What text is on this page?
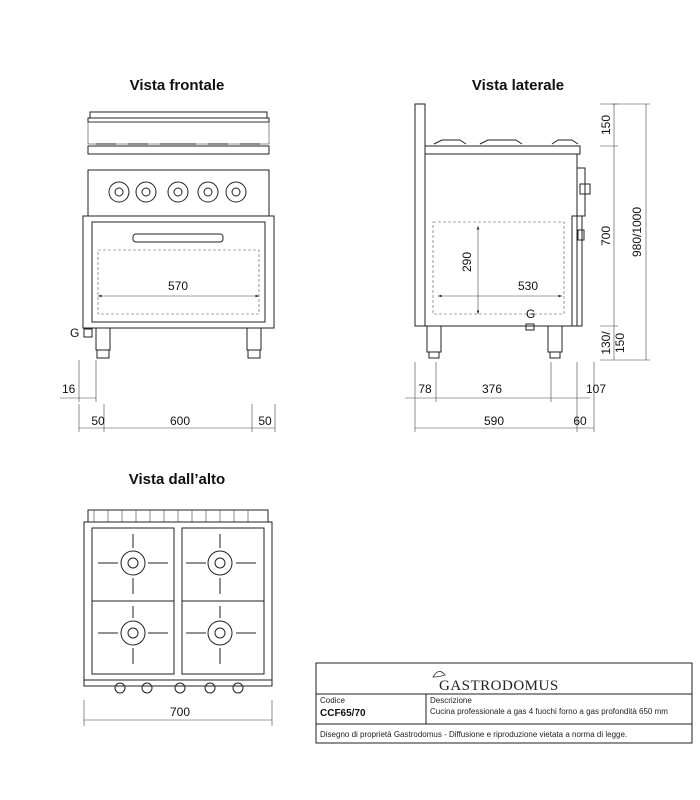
Vista frontale
G
570
16
50	600	50
Vista laterale
G
290
530
150
700 980/1000
130/ 150
78	376	107
590	60
Vista dall’alto
700
GASTRODOMUS
Codice
CCF65/70
Descrizione
Cucina professionale a gas 4 fuochi forno a gas profondità 650 mm
Disegno di proprietà Gastrodomus - Diffusione e riproduzione vietata a norma di legge.
